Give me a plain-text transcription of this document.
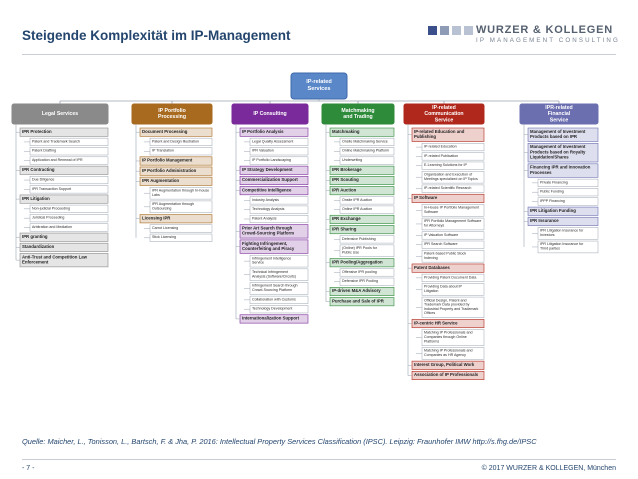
Steigende Komplexität im IP-Management	WURZER & KOLLEGEN
IP MANAGEMENT CONSULTING
IP-related Services
Legal Services
IPR Protection
Patent and Trademark Search
Patent Drafting
Application and Renewal of IPR
IPR Contracting
Due Diligence
IPR Transaction Support
IPR Litigation
Non-judicial Proceeding
Juridical Proceeding
Arbitration and Mediation
IPR granting
Standardization
Anti-Trust and Competition Law Enforcement
IP Portfolio Processing
Document Processing
Patent and Design Illustration
IP Translation
IP Portfolio Management
IP Portfolio Administration
IPR Augmentation
IPR Augmentation through In-house Labs
IPR Augmentation through Outsourcing
Licensing IPR
Carrot Licensing
Stick Licensing
IP Consulting
IP Portfolio Analysis
Legal Quality Assessment
IPR Valuation
IP Portfolio Landscaping
IP Strategy Development
Commercialization Support
Competitive Intelligence
Industry Analysis
Technology Analysis
Patent Analysis
Prior Art Search through Crowd-Sourcing Platform
Fighting Infringement, Counterfeiting and Piracy
Infringement Intelligence Service
Technical Infringement Analysis (Software/Circuits)
Infringement Search through Crowd-Sourcing Platform
Collaboration with Customs
Technology Development
Internationalization Support
Matchmaking and Trading
Matchmaking
Onsite Matchmaking Service
Online Matchmaking Platform
Underwriting
IPR Brokerage
IPR Scouting
IPR Auction
Onsite IPR Auction
Online IPR Auction
IPR Exchange
IPR Sharing
Defensive Publishing
(Online) IPR Pools for Public Use
IPR Pooling/Aggregation
Offensive IPR pooling
Defensive IPR Pooling
IP-driven M&A Advisory
Purchase and Sale of IPR
IP-related Communication Service
IP-related Education and Publishing
IP-related Education
IP-related Publication
E-Learning Solutions for IP
Organisation and Execution of Meetings specialized on IP Topics
IP-related Scientific Research
IP Software
In-House IP Portfolio Management Software
IPR Portfolio Management Software for Attorneys
IP Valuation Software
IPR Search Software
Patent-based Public Stock Indexing
Patent Databases
Providing Patent Document Data
Providing Data about IP Litigation
Official Design, Patent and Trademark Data provided by Industrial Property and Trademark Offices
IP-centric HR Service
Matching IP Professionals and Companies through Online Platforms
Matching IP Professionals and Companies as HR Agency
Interest Group, Political Work
Association of IP Professionals
IPR-related Financial Service
Management of Investment Products based on IPR
Management of Investment Products based on Royalty Liquidation/Shares
Financing IPR and Innovation Processes
Private Financing
Public Funding
IPPP Financing
IPR Litigation Funding
IPR Insurance
IPR Litigation Insurance for Investors
IPR Litigation Insurance for Third parties
Quelle: Maicher, L., Tonisson, L., Bartsch, F. & Jha, P. 2016: Intellectual Property Services Classification (IPSC). Leipzig: Fraunhofer IMW http://s.fhg.de/IPSC
- 7 -	© 2017 WURZER & KOLLEGEN, München
